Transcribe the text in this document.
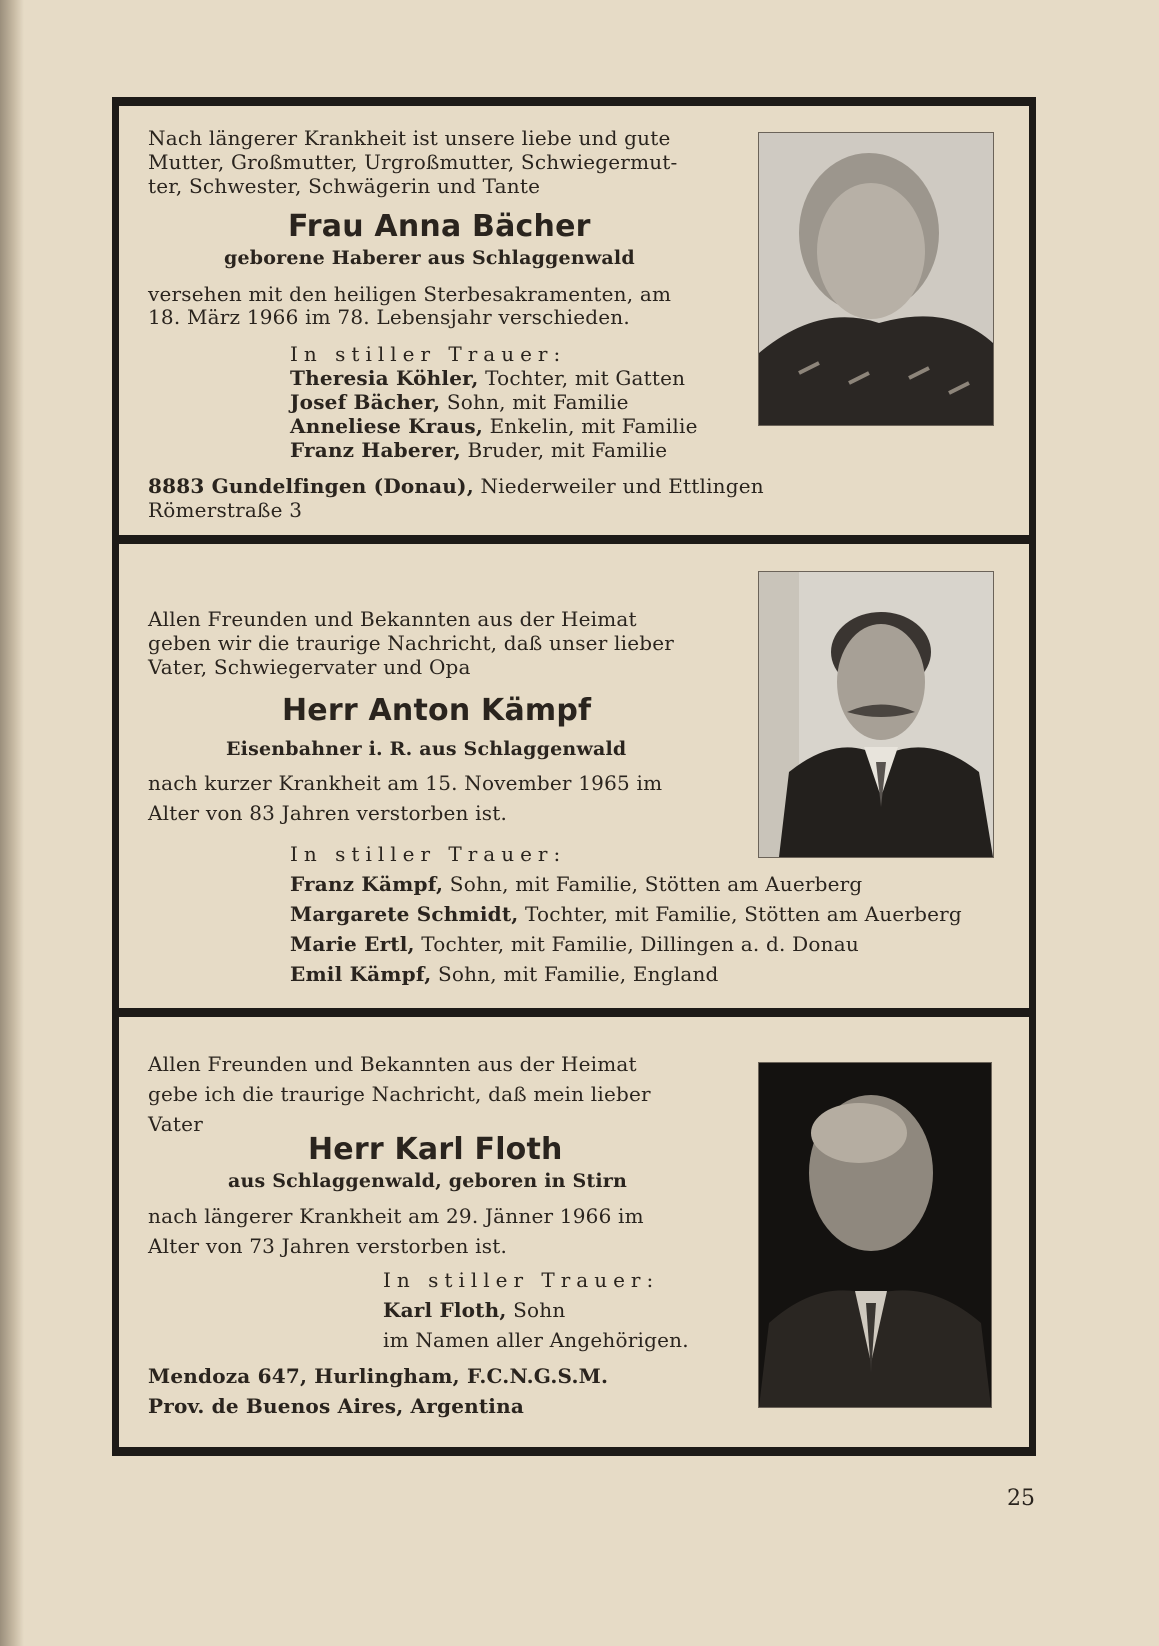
Nach längerer Krankheit ist unsere liebe und gute

Mutter, Großmutter, Urgroßmutter, Schwiegermut-

ter, Schwester, Schwägerin und Tante

Frau Anna Bächer

geborene Haberer aus Schlaggenwald

versehen mit den heiligen Sterbesakramenten, am

18. März 1966 im 78. Lebensjahr verschieden.

In stiller Trauer:

Theresia Köhler, Tochter, mit Gatten

Josef Bächer, Sohn, mit Familie

Anneliese Kraus, Enkelin, mit Familie

Franz Haberer, Bruder, mit Familie

8883 Gundelfingen (Donau), Niederweiler und Ettlingen

Römerstraße 3

Allen Freunden und Bekannten aus der Heimat

geben wir die traurige Nachricht, daß unser lieber

Vater, Schwiegervater und Opa

Herr Anton Kämpf

Eisenbahner i. R. aus Schlaggenwald

nach kurzer Krankheit am 15. November 1965 im

Alter von 83 Jahren verstorben ist.

In stiller Trauer:

Franz Kämpf, Sohn, mit Familie, Stötten am Auerberg

Margarete Schmidt, Tochter, mit Familie, Stötten am Auerberg

Marie Ertl, Tochter, mit Familie, Dillingen a. d. Donau

Emil Kämpf, Sohn, mit Familie, England

Allen Freunden und Bekannten aus der Heimat

gebe ich die traurige Nachricht, daß mein lieber

Vater

Herr Karl Floth

aus Schlaggenwald, geboren in Stirn

nach längerer Krankheit am 29. Jänner 1966 im

Alter von 73 Jahren verstorben ist.

In stiller Trauer:

Karl Floth, Sohn

im Namen aller Angehörigen.

Mendoza 647, Hurlingham, F.C.N.G.S.M.

Prov. de Buenos Aires, Argentina

25
